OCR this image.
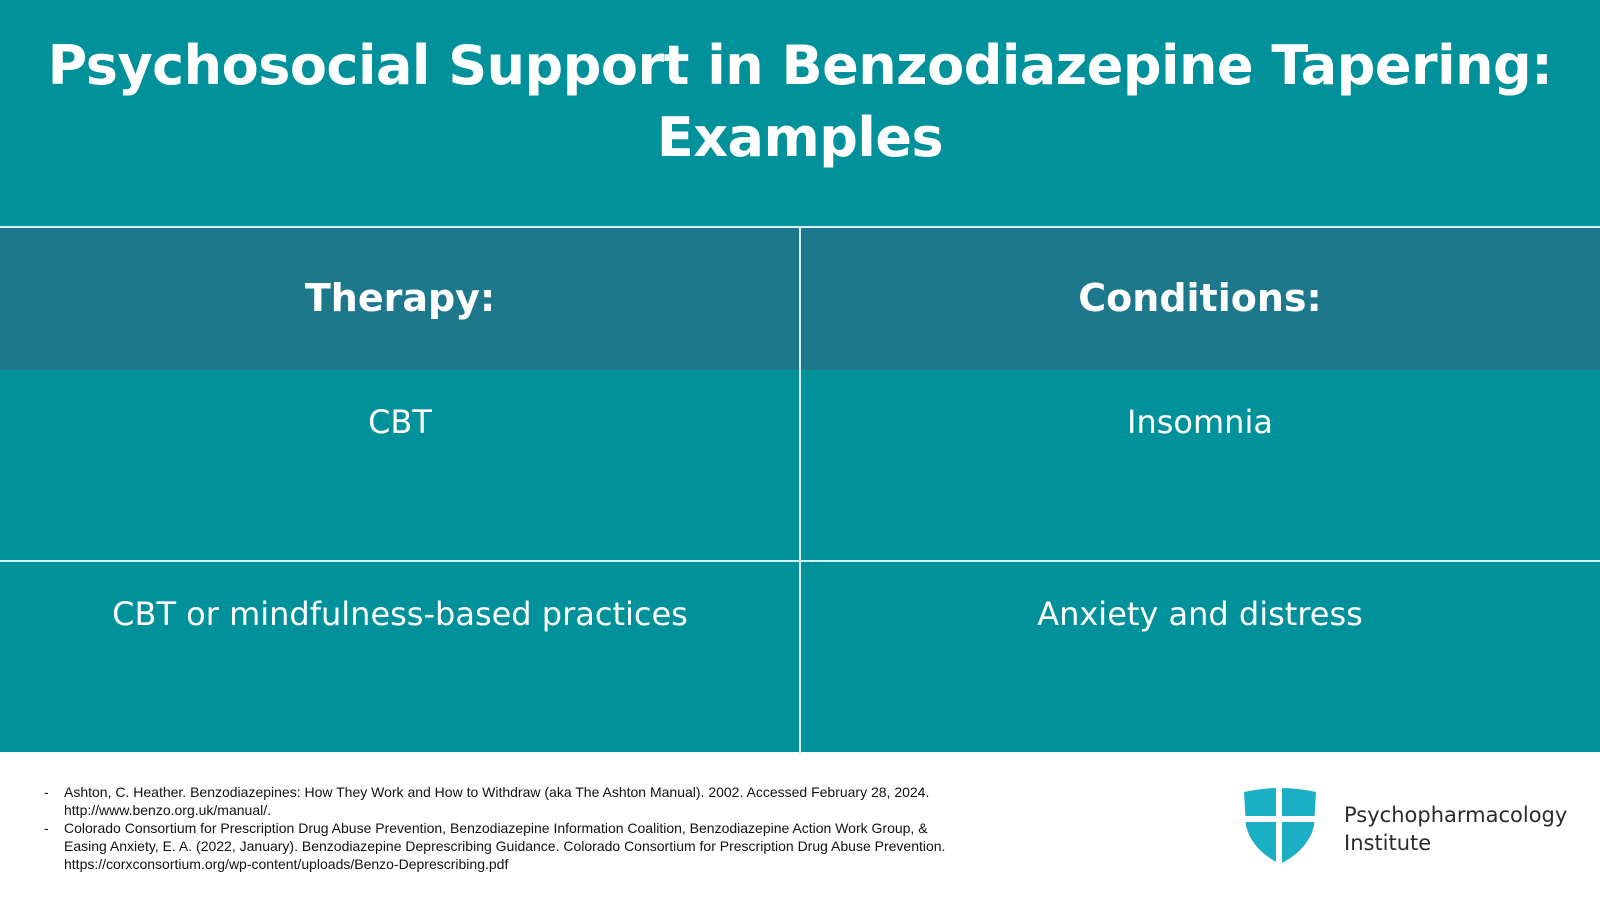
Psychosocial Support in Benzodiazepine Tapering:
Examples
Therapy:	Conditions:
CBT	Insomnia
CBT or mindfulness-based practices	Anxiety and distress
- Ashton, C. Heather. Benzodiazepines: How They Work and How to Withdraw (aka The Ashton Manual). 2002. Accessed February 28, 2024. http://www.benzo.org.uk/manual/.
- Colorado Consortium for Prescription Drug Abuse Prevention, Benzodiazepine Information Coalition, Benzodiazepine Action Work Group, & Easing Anxiety, E. A. (2022, January). Benzodiazepine Deprescribing Guidance. Colorado Consortium for Prescription Drug Abuse Prevention. https://corxconsortium.org/wp-content/uploads/Benzo-Deprescribing.pdf
Psychopharmacology
Institute
